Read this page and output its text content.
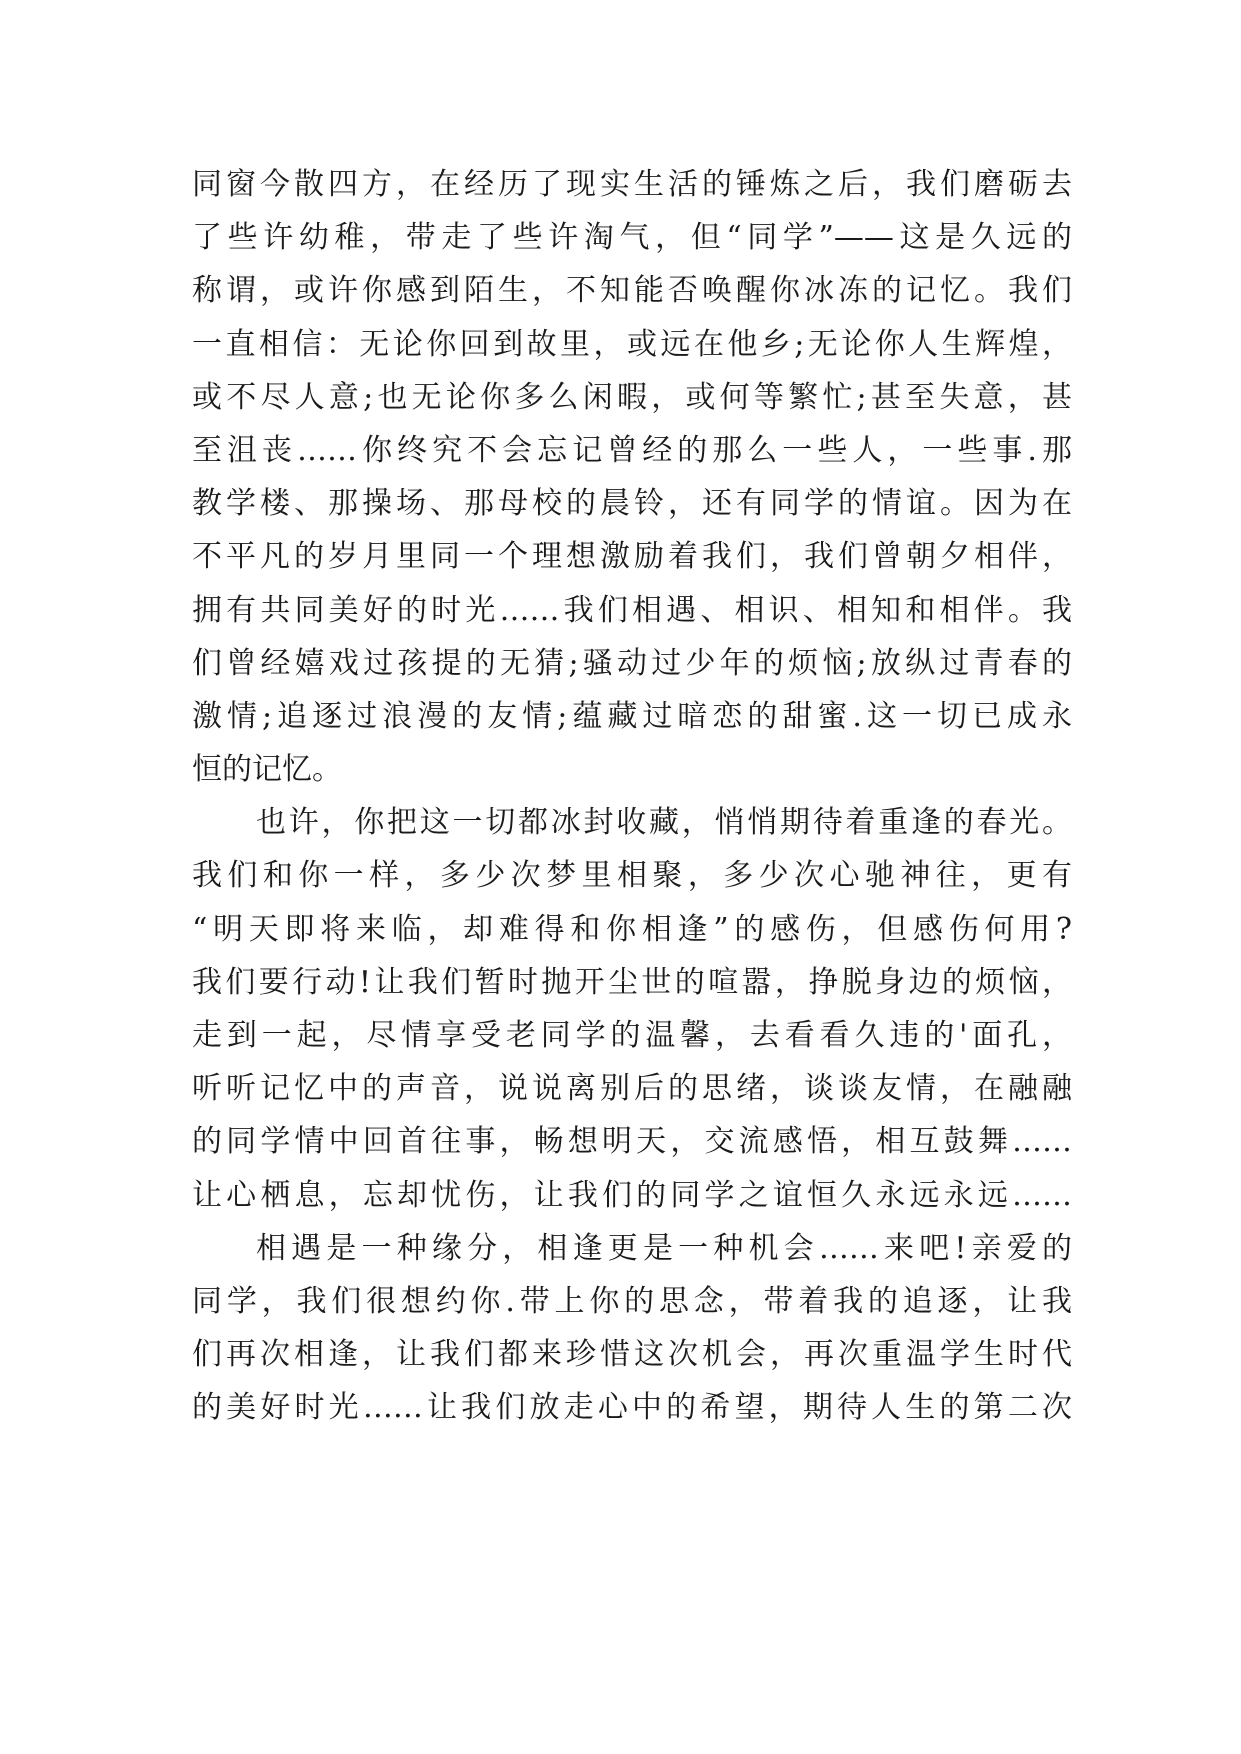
同窗今散四方，在经历了现实生活的锤炼之后，我们磨砺去
了些许幼稚，带走了些许淘气，但“同学”——这是久远的
称谓，或许你感到陌生，不知能否唤醒你冰冻的记忆。我们
一直相信：无论你回到故里，或远在他乡;无论你人生辉煌，
或不尽人意;也无论你多么闲暇，或何等繁忙;甚至失意，甚
至沮丧……你终究不会忘记曾经的那么一些人，一些事.那
教学楼、那操场、那母校的晨铃，还有同学的情谊。因为在
不平凡的岁月里同一个理想激励着我们，我们曾朝夕相伴，
拥有共同美好的时光……我们相遇、相识、相知和相伴。我
们曾经嬉戏过孩提的无猜;骚动过少年的烦恼;放纵过青春的
激情;追逐过浪漫的友情;蕴藏过暗恋的甜蜜.这一切已成永
恒的记忆。
也许，你把这一切都冰封收藏，悄悄期待着重逢的春光。
我们和你一样，多少次梦里相聚，多少次心驰神往，更有
“明天即将来临，却难得和你相逢”的感伤，但感伤何用?
我们要行动!让我们暂时抛开尘世的喧嚣，挣脱身边的烦恼，
走到一起，尽情享受老同学的温馨，去看看久违的'面孔，
听听记忆中的声音，说说离别后的思绪，谈谈友情，在融融
的同学情中回首往事，畅想明天，交流感悟，相互鼓舞……
让心栖息，忘却忧伤，让我们的同学之谊恒久永远永远……
相遇是一种缘分，相逢更是一种机会……来吧!亲爱的
同学，我们很想约你.带上你的思念，带着我的追逐，让我
们再次相逢，让我们都来珍惜这次机会，再次重温学生时代
的美好时光……让我们放走心中的希望，期待人生的第二次
